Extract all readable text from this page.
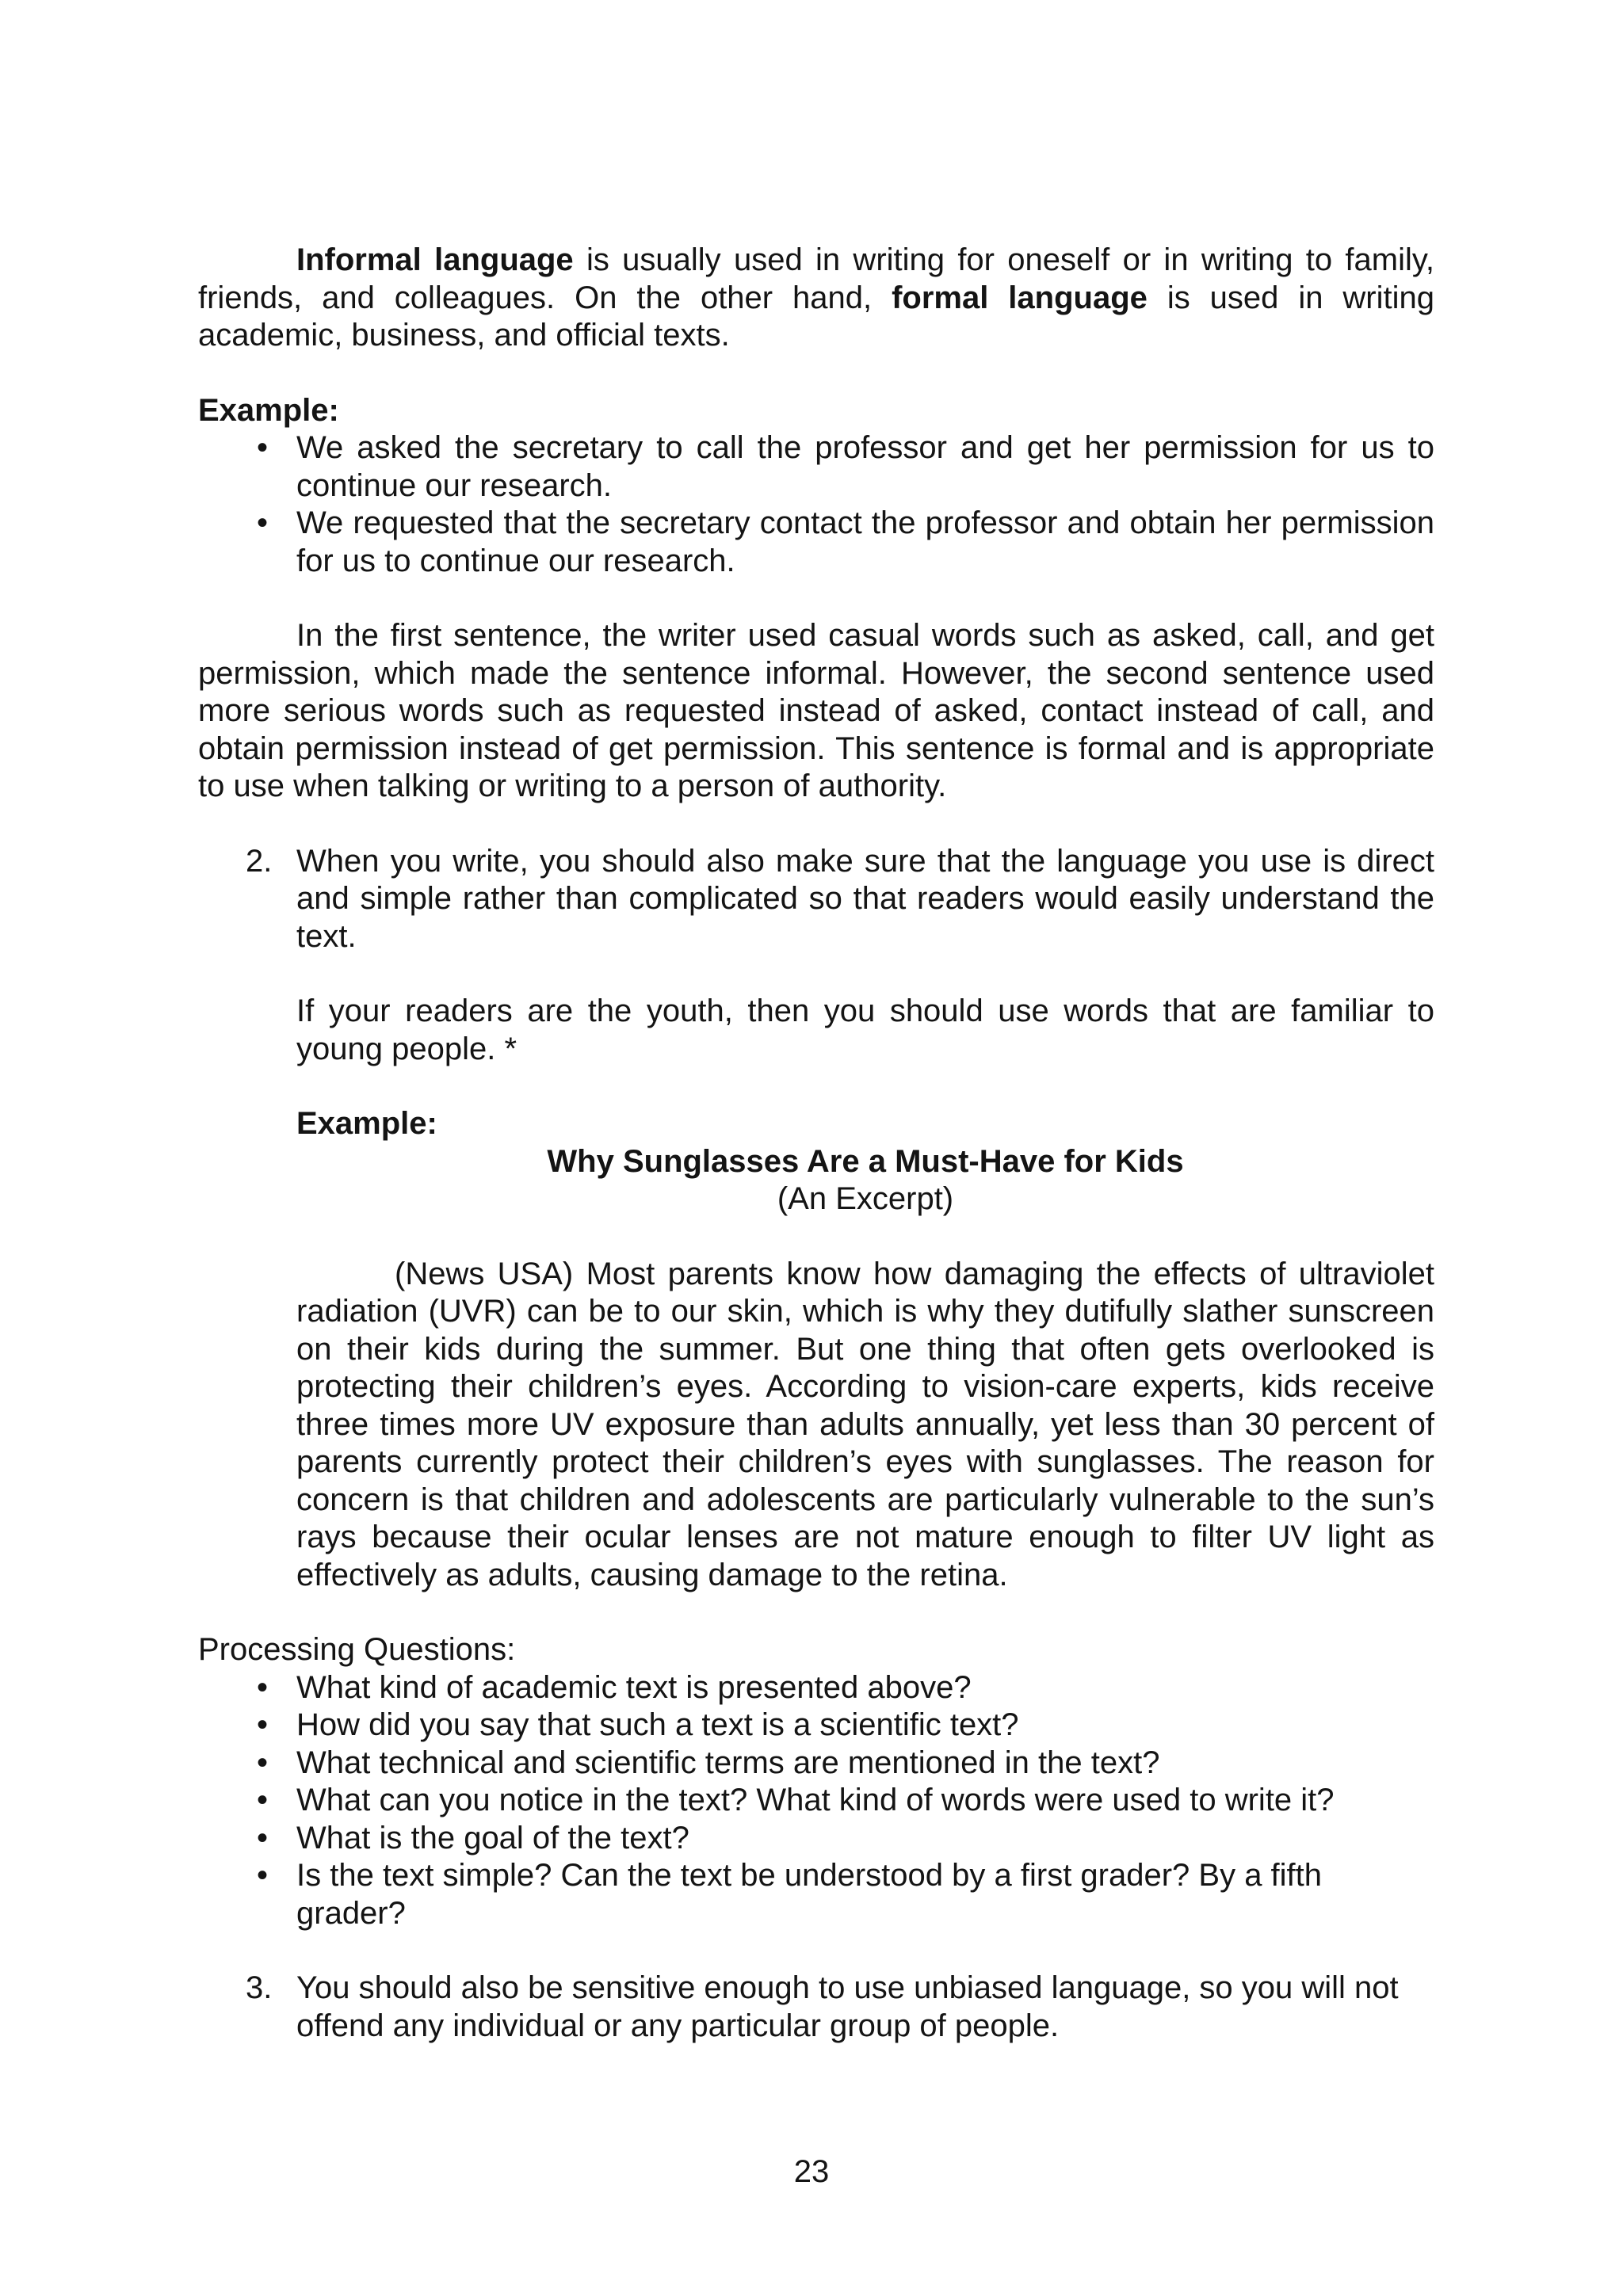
Informal language is usually used in writing for oneself or in writing to family, friends, and colleagues. On the other hand, formal language is used in writing academic, business, and official texts.

Example:

• We asked the secretary to call the professor and get her permission for us to continue our research.
• We requested that the secretary contact the professor and obtain her permission for us to continue our research.

In the first sentence, the writer used casual words such as asked, call, and get permission, which made the sentence informal. However, the second sentence used more serious words such as requested instead of asked, contact instead of call, and obtain permission instead of get permission. This sentence is formal and is appropriate to use when talking or writing to a person of authority.

2. When you write, you should also make sure that the language you use is direct and simple rather than complicated so that readers would easily understand the text.

If your readers are the youth, then you should use words that are familiar to young people. *

Example:

Why Sunglasses Are a Must-Have for Kids

(An Excerpt)

(News USA) Most parents know how damaging the effects of ultraviolet radiation (UVR) can be to our skin, which is why they dutifully slather sunscreen on their kids during the summer. But one thing that often gets overlooked is protecting their children’s eyes. According to vision-care experts, kids receive three times more UV exposure than adults annually, yet less than 30 percent of parents currently protect their children’s eyes with sunglasses. The reason for concern is that children and adolescents are particularly vulnerable to the sun’s rays because their ocular lenses are not mature enough to filter UV light as effectively as adults, causing damage to the retina.

Processing Questions:

• What kind of academic text is presented above?
• How did you say that such a text is a scientific text?
• What technical and scientific terms are mentioned in the text?
• What can you notice in the text? What kind of words were used to write it?
• What is the goal of the text?
• Is the text simple? Can the text be understood by a first grader? By a fifth grader?
3. You should also be sensitive enough to use unbiased language, so you will not offend any individual or any particular group of people.

23
